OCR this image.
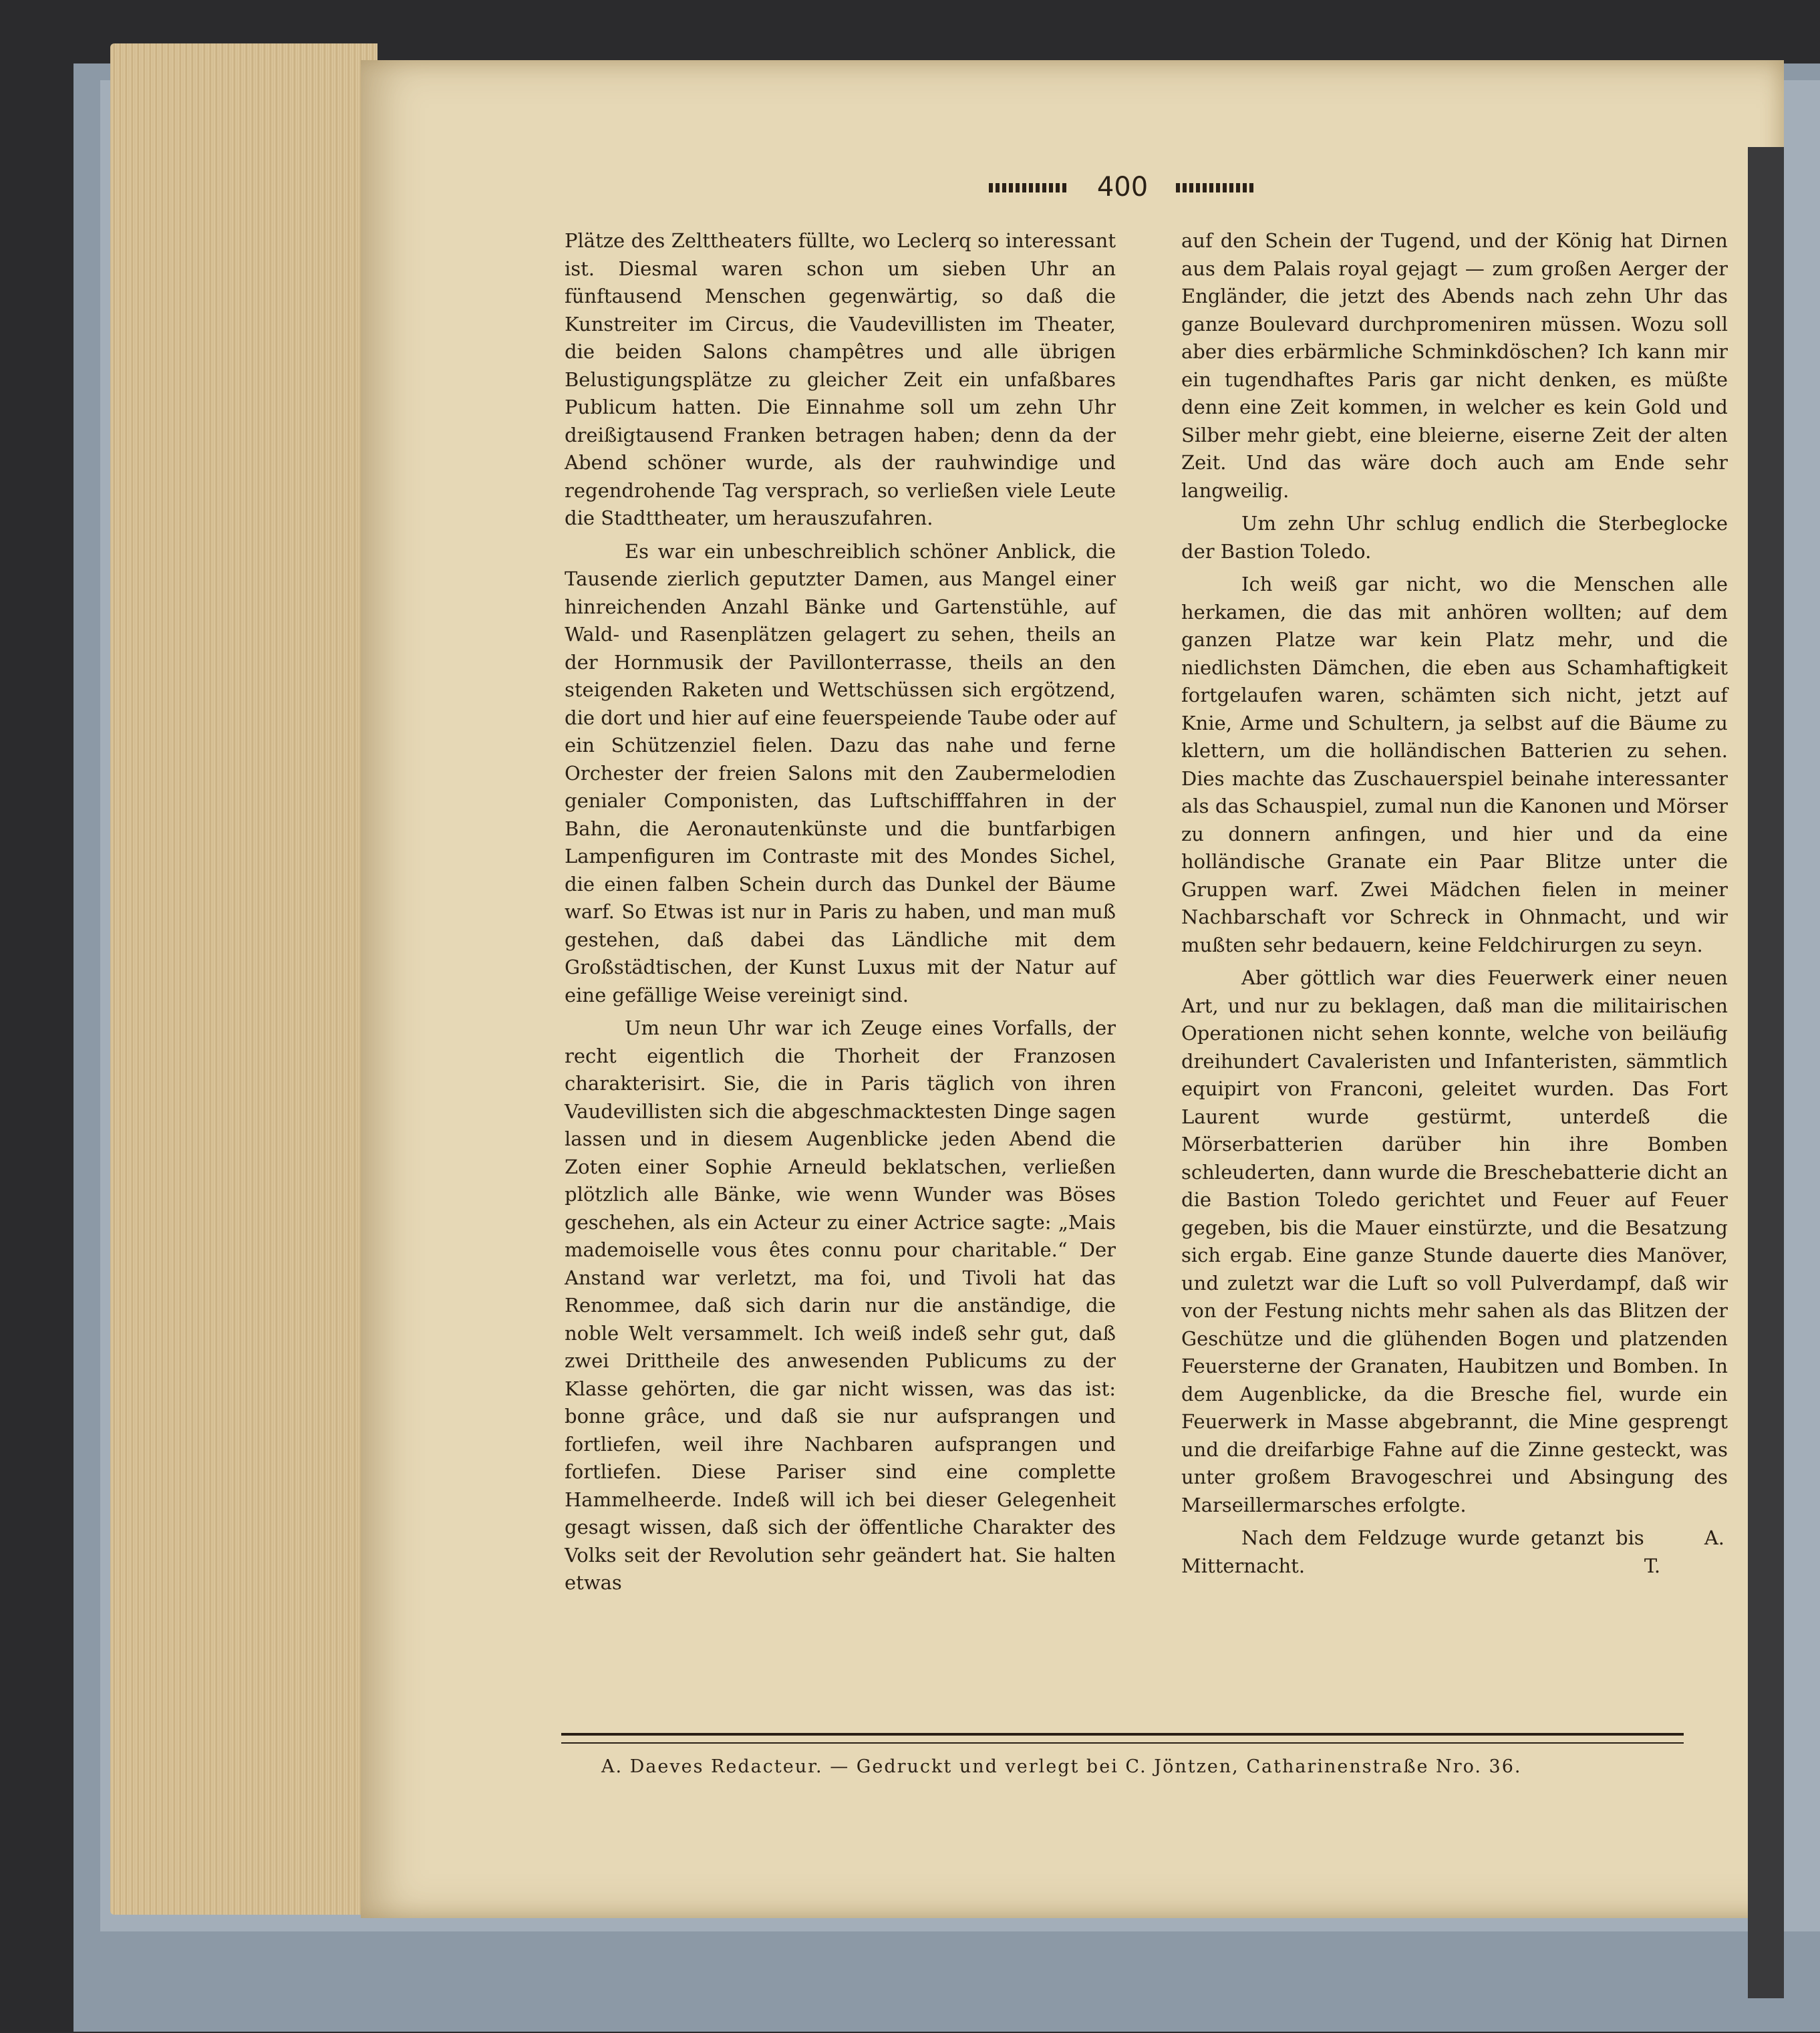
400

Plätze des Zelttheaters füllte, wo Leclerq so interessant ist. Diesmal waren schon um sieben Uhr an fünftausend Menschen gegenwärtig, so daß die Kunstreiter im Circus, die Vaudevillisten im Theater, die beiden Salons champêtres und alle übrigen Belustigungsplätze zu gleicher Zeit ein unfaßbares Publicum hatten. Die Einnahme soll um zehn Uhr dreißigtausend Franken betragen haben; denn da der Abend schöner wurde, als der rauhwindige und regendrohende Tag versprach, so verließen viele Leute die Stadttheater, um herauszufahren.

Es war ein unbeschreiblich schöner Anblick, die Tausende zierlich geputzter Damen, aus Mangel einer hinreichenden Anzahl Bänke und Gartenstühle, auf Wald- und Rasenplätzen gelagert zu sehen, theils an der Hornmusik der Pavillonterrasse, theils an den steigenden Raketen und Wettschüssen sich ergötzend, die dort und hier auf eine feuerspeiende Taube oder auf ein Schützenziel fielen. Dazu das nahe und ferne Orchester der freien Salons mit den Zaubermelodien genialer Componisten, das Luftschifffahren in der Bahn, die Aeronautenkünste und die buntfarbigen Lampenfiguren im Contraste mit des Mondes Sichel, die einen falben Schein durch das Dunkel der Bäume warf. So Etwas ist nur in Paris zu haben, und man muß gestehen, daß dabei das Ländliche mit dem Großstädtischen, der Kunst Luxus mit der Natur auf eine gefällige Weise vereinigt sind.

Um neun Uhr war ich Zeuge eines Vorfalls, der recht eigentlich die Thorheit der Franzosen charakterisirt. Sie, die in Paris täglich von ihren Vaudevillisten sich die abgeschmacktesten Dinge sagen lassen und in diesem Augenblicke jeden Abend die Zoten einer Sophie Arneuld beklatschen, verließen plötzlich alle Bänke, wie wenn Wunder was Böses geschehen, als ein Acteur zu einer Actrice sagte: „Mais mademoiselle vous êtes connu pour charitable.“ Der Anstand war verletzt, ma foi, und Tivoli hat das Renommee, daß sich darin nur die anständige, die noble Welt versammelt. Ich weiß indeß sehr gut, daß zwei Drittheile des anwesenden Publicums zu der Klasse gehörten, die gar nicht wissen, was das ist: bonne grâce, und daß sie nur aufsprangen und fortliefen, weil ihre Nachbaren aufsprangen und fortliefen. Diese Pariser sind eine complette Hammelheerde. Indeß will ich bei dieser Gelegenheit gesagt wissen, daß sich der öffentliche Charakter des Volks seit der Revolution sehr geändert hat. Sie halten etwas

auf den Schein der Tugend, und der König hat Dirnen aus dem Palais royal gejagt — zum großen Aerger der Engländer, die jetzt des Abends nach zehn Uhr das ganze Boulevard durchpromeniren müssen. Wozu soll aber dies erbärmliche Schminkdöschen? Ich kann mir ein tugendhaftes Paris gar nicht denken, es müßte denn eine Zeit kommen, in welcher es kein Gold und Silber mehr giebt, eine bleierne, eiserne Zeit der alten Zeit. Und das wäre doch auch am Ende sehr langweilig.

Um zehn Uhr schlug endlich die Sterbeglocke der Bastion Toledo.

Ich weiß gar nicht, wo die Menschen alle herkamen, die das mit anhören wollten; auf dem ganzen Platze war kein Platz mehr, und die niedlichsten Dämchen, die eben aus Schamhaftigkeit fortgelaufen waren, schämten sich nicht, jetzt auf Knie, Arme und Schultern, ja selbst auf die Bäume zu klettern, um die holländischen Batterien zu sehen. Dies machte das Zuschauerspiel beinahe interessanter als das Schauspiel, zumal nun die Kanonen und Mörser zu donnern anfingen, und hier und da eine holländische Granate ein Paar Blitze unter die Gruppen warf. Zwei Mädchen fielen in meiner Nachbarschaft vor Schreck in Ohnmacht, und wir mußten sehr bedauern, keine Feldchirurgen zu seyn.

Aber göttlich war dies Feuerwerk einer neuen Art, und nur zu beklagen, daß man die militairischen Operationen nicht sehen konnte, welche von beiläufig dreihundert Cavaleristen und Infanteristen, sämmtlich equipirt von Franconi, geleitet wurden. Das Fort Laurent wurde gestürmt, unterdeß die Mörserbatterien darüber hin ihre Bomben schleuderten, dann wurde die Breschebatterie dicht an die Bastion Toledo gerichtet und Feuer auf Feuer gegeben, bis die Mauer einstürzte, und die Besatzung sich ergab. Eine ganze Stunde dauerte dies Manöver, und zuletzt war die Luft so voll Pulverdampf, daß wir von der Festung nichts mehr sahen als das Blitzen der Geschütze und die glühenden Bogen und platzenden Feuersterne der Granaten, Haubitzen und Bomben. In dem Augenblicke, da die Bresche fiel, wurde ein Feuerwerk in Masse abgebrannt, die Mine gesprengt und die dreifarbige Fahne auf die Zinne gesteckt, was unter großem Bravogeschrei und Absingung des Marseillermarsches erfolgte.

Nach dem Feldzuge wurde getanzt bis Mitternacht.
A. T.

A. Daeves Redacteur. — Gedruckt und verlegt bei C. Jöntzen, Catharinenstraße Nro. 36.
